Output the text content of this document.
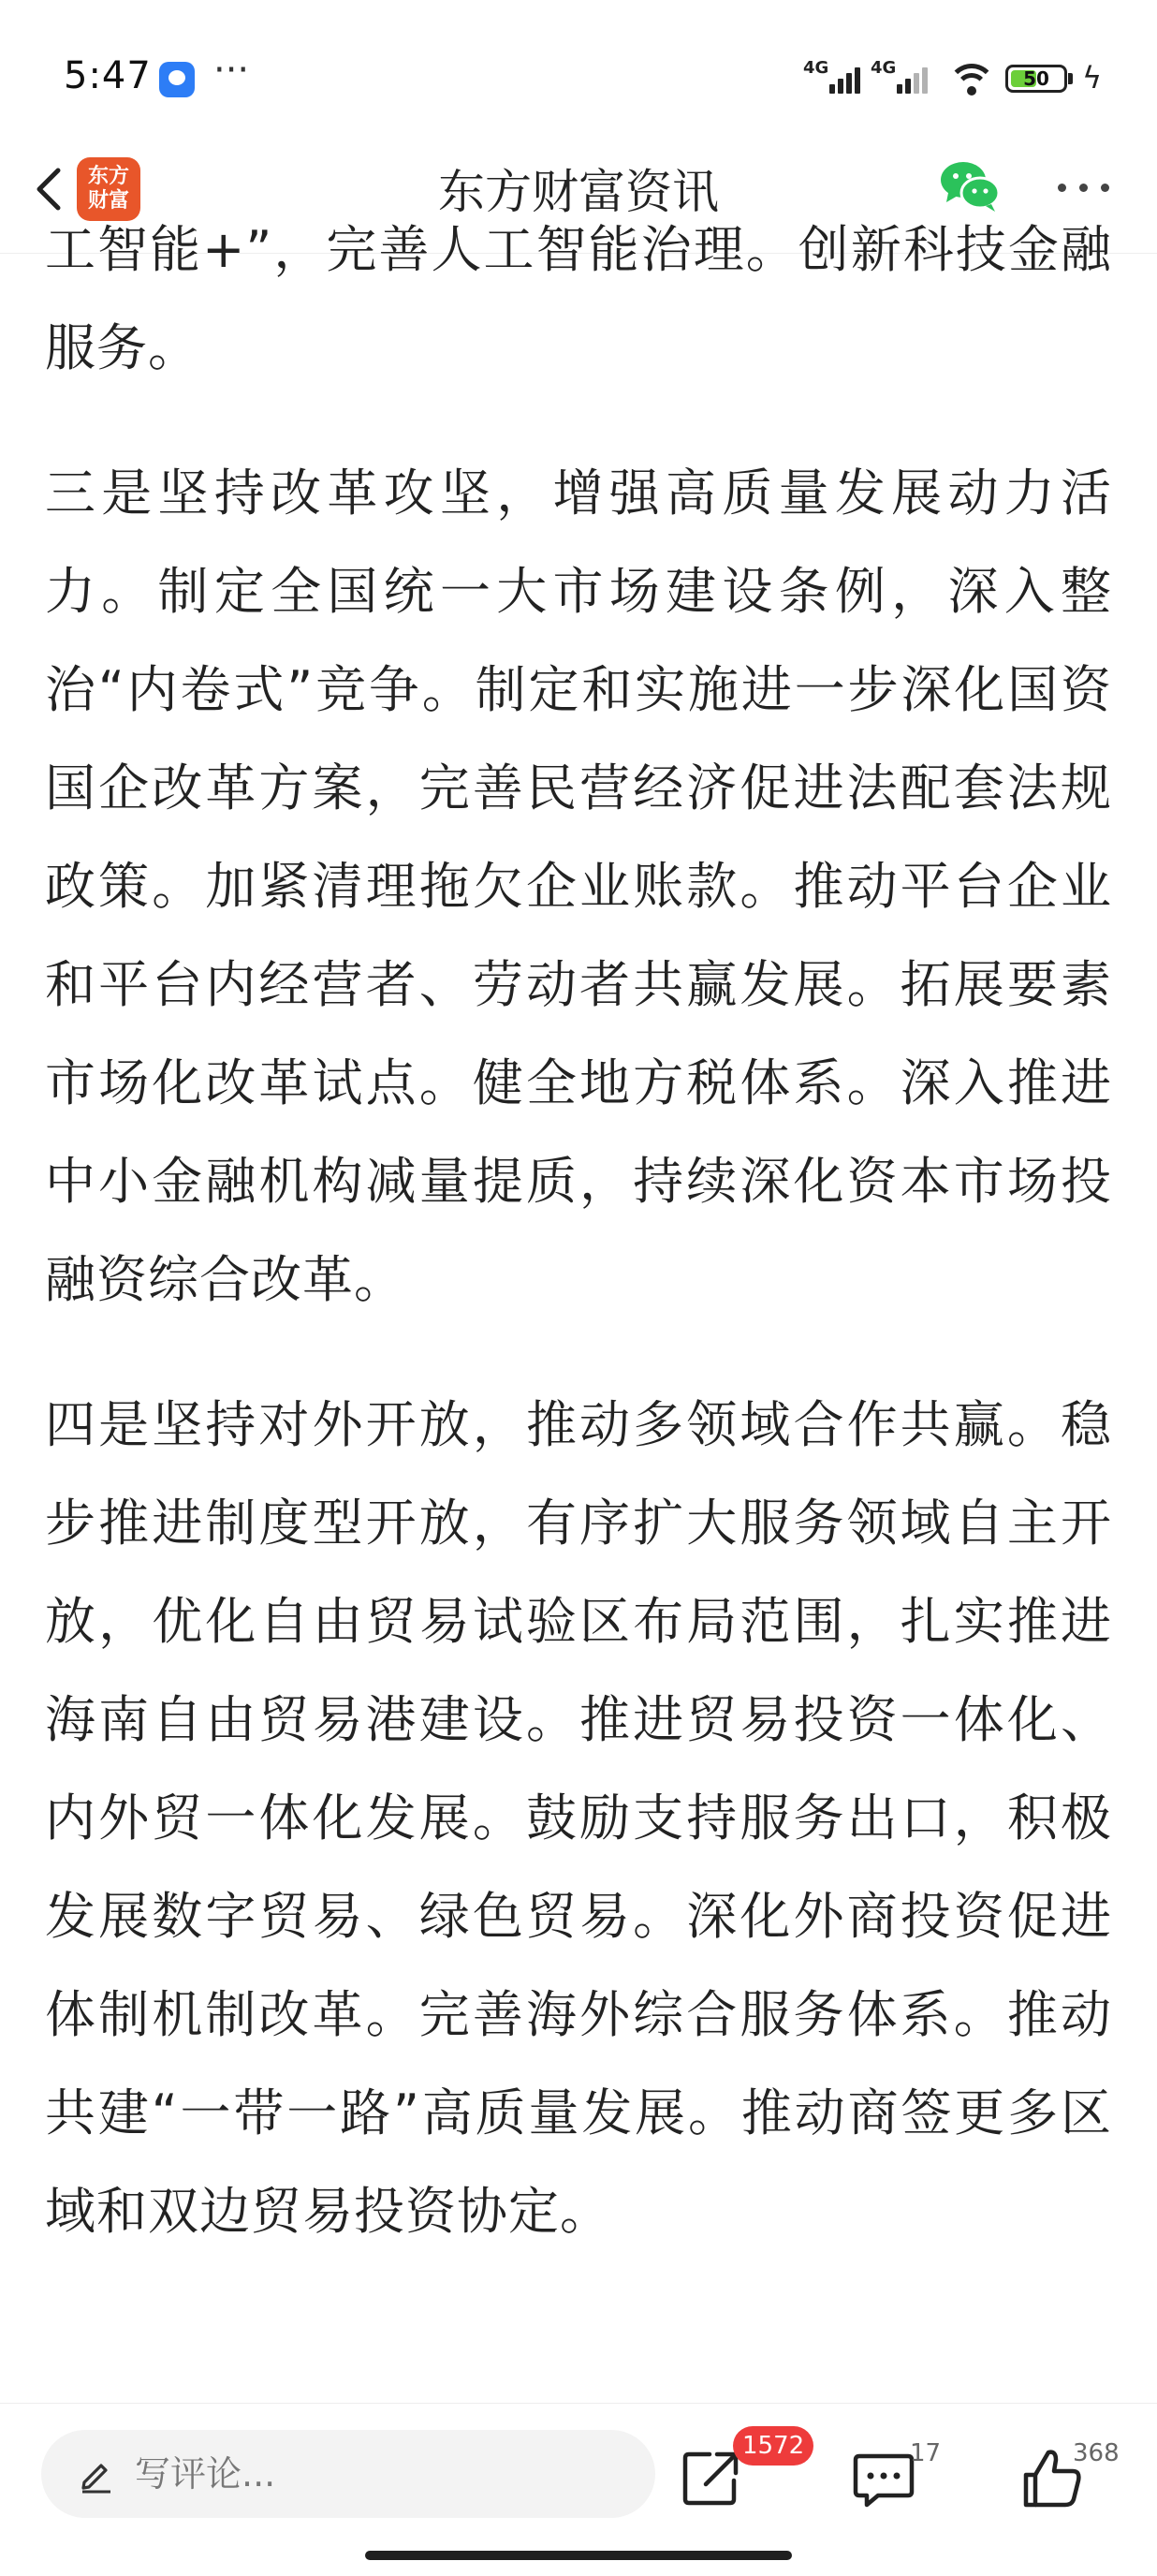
5:47 ···	4G 4G	50	ϟ
东方财富资讯
东方财富

工智能+”，完善人工智能治理。创新科技金融服务。

三是坚持改革攻坚，增强高质量发展动力活力。制定全国统一大市场建设条例，深入整治“内卷式”竞争。制定和实施进一步深化国资国企改革方案，完善民营经济促进法配套法规政策。加紧清理拖欠企业账款。推动平台企业和平台内经营者、劳动者共赢发展。拓展要素市场化改革试点。健全地方税体系。深入推进中小金融机构减量提质，持续深化资本市场投融资综合改革。

四是坚持对外开放，推动多领域合作共赢。稳步推进制度型开放，有序扩大服务领域自主开放，优化自由贸易试验区布局范围，扎实推进海南自由贸易港建设。推进贸易投资一体化、内外贸一体化发展。鼓励支持服务出口，积极发展数字贸易、绿色贸易。深化外商投资促进体制机制改革。完善海外综合服务体系。推动共建“一带一路”高质量发展。推动商签更多区域和双边贸易投资协定。

写评论...
1572	17	368
